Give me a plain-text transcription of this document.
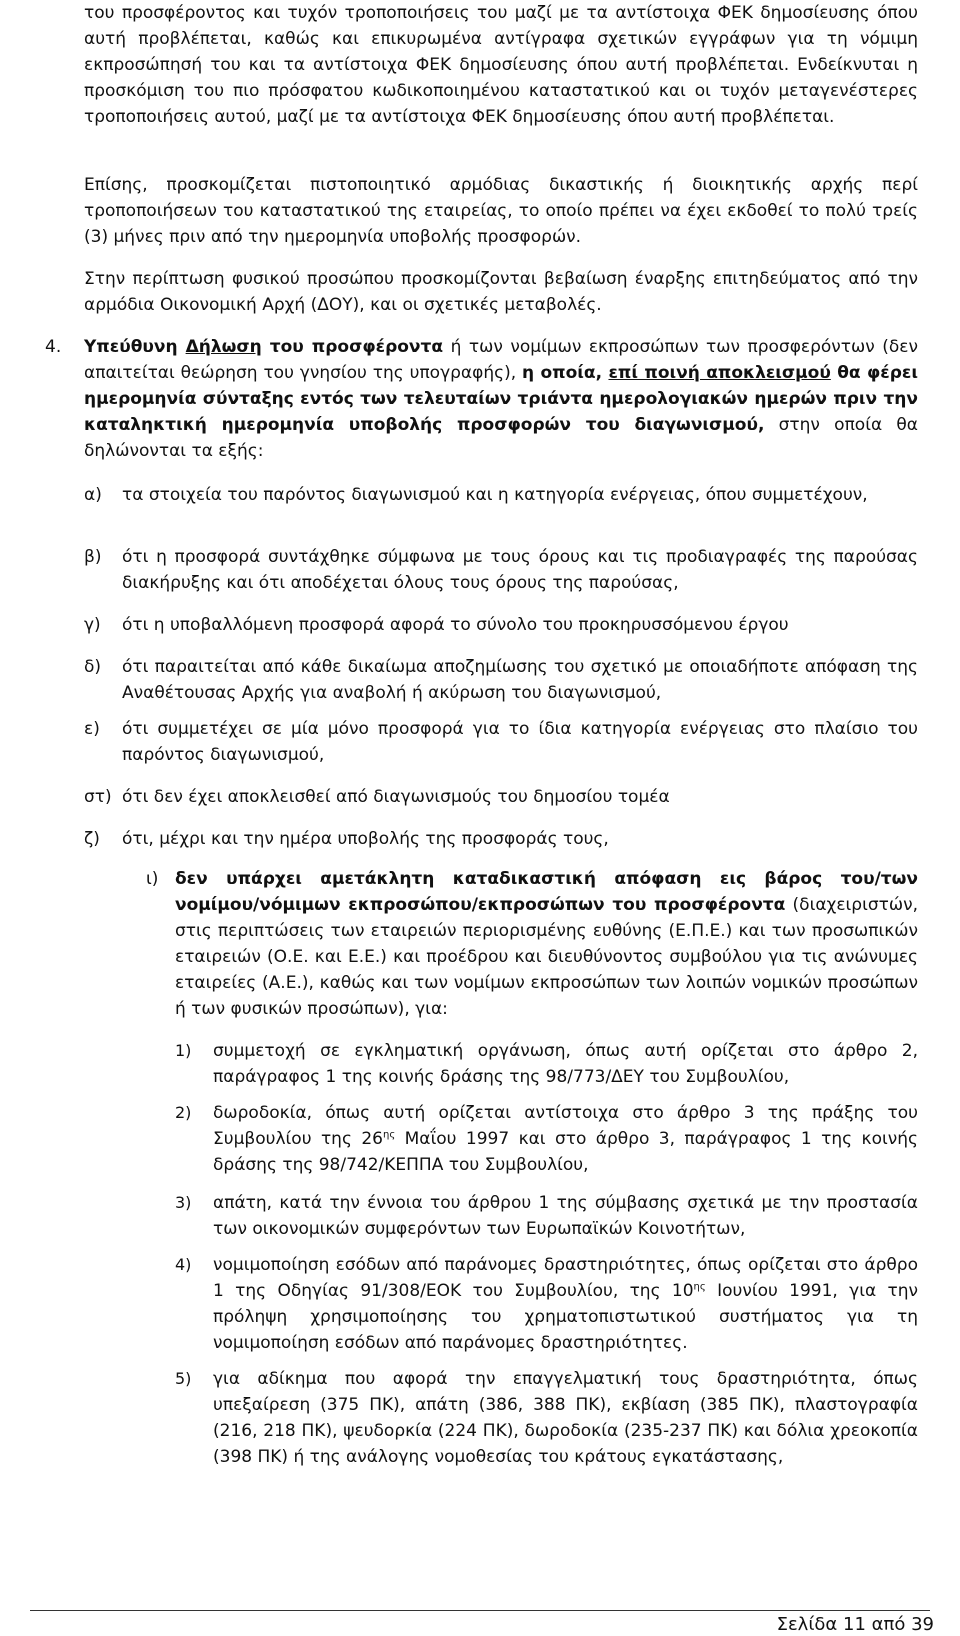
του προσφέροντος και τυχόν τροποποιήσεις του μαζί με τα αντίστοιχα ΦΕΚ δημοσίευσης όπου αυτή προβλέπεται, καθώς και επικυρωμένα αντίγραφα σχετικών εγγράφων για τη νόμιμη εκπροσώπησή του και τα αντίστοιχα ΦΕΚ δημοσίευσης όπου αυτή προβλέπεται. Ενδείκνυται η προσκόμιση του πιο πρόσφατου κωδικοποιημένου καταστατικού και οι τυχόν μεταγενέστερες τροποποιήσεις αυτού, μαζί με τα αντίστοιχα ΦΕΚ δημοσίευσης όπου αυτή προβλέπεται.

Επίσης, προσκομίζεται πιστοποιητικό αρμόδιας δικαστικής ή διοικητικής αρχής περί τροποποιήσεων του καταστατικού της εταιρείας, το οποίο πρέπει να έχει εκδοθεί το πολύ τρείς (3) μήνες πριν από την ημερομηνία υποβολής προσφορών.

Στην περίπτωση φυσικού προσώπου προσκομίζονται βεβαίωση έναρξης επιτηδεύματος από την αρμόδια Οικονομική Αρχή (ΔΟΥ), και οι σχετικές μεταβολές.

4. Υπεύθυνη Δήλωση του προσφέροντα ή των νομίμων εκπροσώπων των προσφερόντων (δεν απαιτείται θεώρηση του γνησίου της υπογραφής), η οποία, επί ποινή αποκλεισμού θα φέρει ημερομηνία σύνταξης εντός των τελευταίων τριάντα ημερολογιακών ημερών πριν την καταληκτική ημερομηνία υποβολής προσφορών του διαγωνισμού, στην οποία θα δηλώνονται τα εξής:

α) τα στοιχεία του παρόντος διαγωνισμού και η κατηγορία ενέργειας, όπου συμμετέχουν,

β) ότι η προσφορά συντάχθηκε σύμφωνα με τους όρους και τις προδιαγραφές της παρούσας διακήρυξης και ότι αποδέχεται όλους τους όρους της παρούσας,

γ) ότι η υποβαλλόμενη προσφορά αφορά το σύνολο του προκηρυσσόμενου έργου

δ) ότι παραιτείται από κάθε δικαίωμα αποζημίωσης του σχετικό με οποιαδήποτε απόφαση της Αναθέτουσας Αρχής για αναβολή ή ακύρωση του διαγωνισμού,

ε) ότι συμμετέχει σε μία μόνο προσφορά για το ίδια κατηγορία ενέργειας στο πλαίσιο του παρόντος διαγωνισμού,

στ) ότι δεν έχει αποκλεισθεί από διαγωνισμούς του δημοσίου τομέα

ζ) ότι, μέχρι και την ημέρα υποβολής της προσφοράς τους,

ι) δεν υπάρχει αμετάκλητη καταδικαστική απόφαση εις βάρος του/των νομίμου/νόμιμων εκπροσώπου/εκπροσώπων του προσφέροντα (διαχειριστών, στις περιπτώσεις των εταιρειών περιορισμένης ευθύνης (Ε.Π.Ε.) και των προσωπικών εταιρειών (Ο.Ε. και Ε.Ε.) και προέδρου και διευθύνοντος συμβούλου για τις ανώνυμες εταιρείες (Α.Ε.), καθώς και των νομίμων εκπροσώπων των λοιπών νομικών προσώπων ή των φυσικών προσώπων), για:

1) συμμετοχή σε εγκληματική οργάνωση, όπως αυτή ορίζεται στο άρθρο 2, παράγραφος 1 της κοινής δράσης της 98/773/ΔΕΥ του Συμβουλίου,

2) δωροδοκία, όπως αυτή ορίζεται αντίστοιχα στο άρθρο 3 της πράξης του Συμβουλίου της $26^{\eta\varsigma}$ Μαΐου 1997 και στο άρθρο 3, παράγραφος 1 της κοινής δράσης της 98/742/ΚΕΠΠΑ του Συμβουλίου,

3) απάτη, κατά την έννοια του άρθρου 1 της σύμβασης σχετικά με την προστασία των οικονομικών συμφερόντων των Ευρωπαϊκών Κοινοτήτων,

4) νομιμοποίηση εσόδων από παράνομες δραστηριότητες, όπως ορίζεται στο άρθρο 1 της Οδηγίας 91/308/ΕΟΚ του Συμβουλίου, της $10^{\eta\varsigma}$ Ιουνίου 1991, για την πρόληψη χρησιμοποίησης του χρηματοπιστωτικού συστήματος για τη νομιμοποίηση εσόδων από παράνομες δραστηριότητες.

5) για αδίκημα που αφορά την επαγγελματική τους δραστηριότητα, όπως υπεξαίρεση (375 ΠΚ), απάτη (386, 388 ΠΚ), εκβίαση (385 ΠΚ), πλαστογραφία (216, 218 ΠΚ), ψευδορκία (224 ΠΚ), δωροδοκία (235-237 ΠΚ) και δόλια χρεοκοπία (398 ΠΚ) ή της ανάλογης νομοθεσίας του κράτους εγκατάστασης,

Σελίδα 11 από 39
